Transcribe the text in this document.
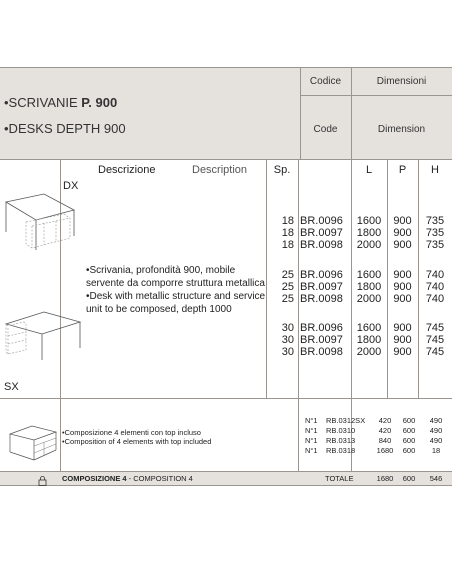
•SCRIVANIE P. 900
•DESKS DEPTH 900
Codice	Dimensioni
Code	Dimension
Descrizione	Description	Sp.	L	P	H
DX
SX
•Scrivania, profondità 900, mobile
servente da comporre struttura metallica
•Desk with metallic structure and service
unit to be composed, depth 1000
18 BR.0096	1600	900	735
18 BR.0097	1800	900	735
18 BR.0098	2000	900	735
25 BR.0096	1600	900	740
25 BR.0097	1800	900	740
25 BR.0098	2000	900	740
30 BR.0096	1600	900	745
30 BR.0097	1800	900	745
30 BR.0098	2000	900	745
•Composizione 4 elementi con top incluso
•Composition of 4 elements with top included
N°1	RB.0312SX	420	600	490
N°1	RB.0310	420	600	490
N°1	RB.0313	840	600	490
N°1	RB.0318	1680	600	18
COMPOSIZIONE 4 - COMPOSITION 4	TOTALE	1680	600	546
